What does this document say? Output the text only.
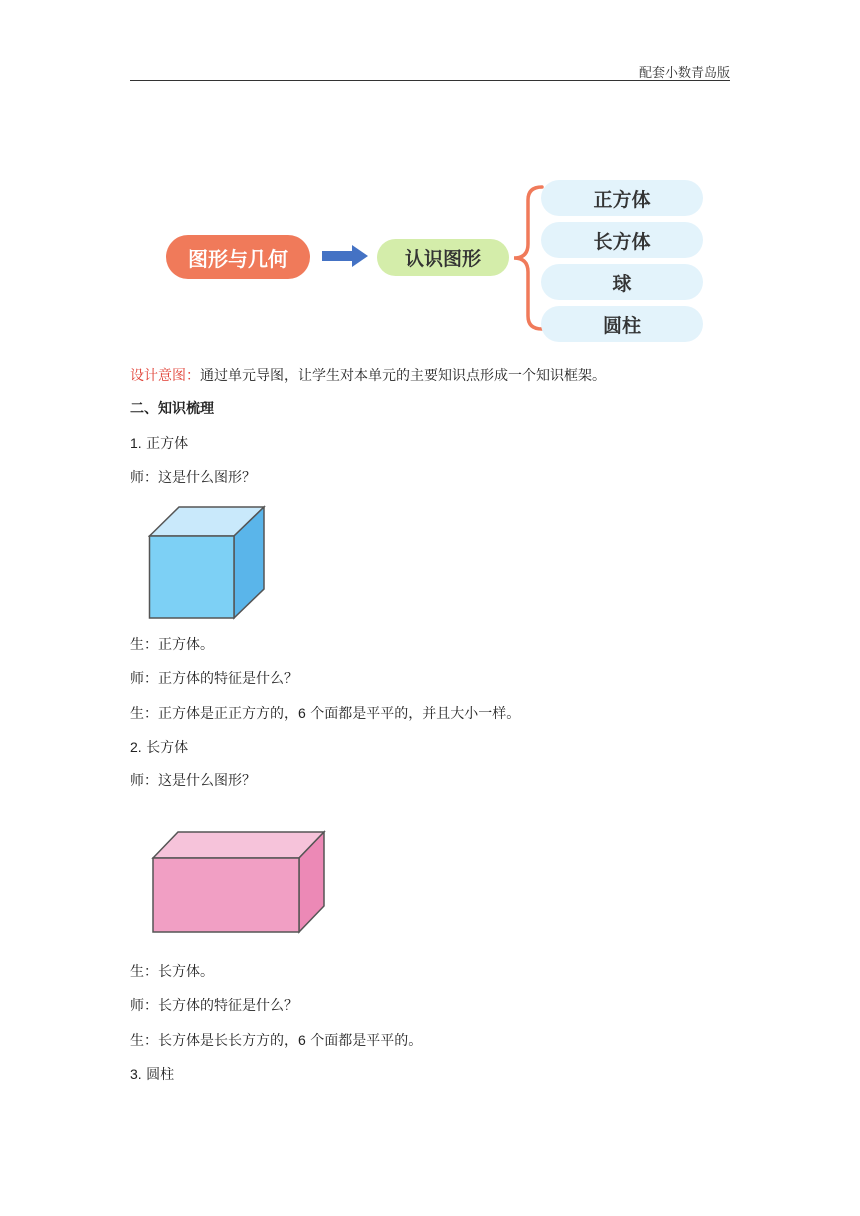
配套小数青岛版
图形与几何	认识图形
正方体
长方体
球
圆柱
设计意图：通过单元导图，让学生对本单元的主要知识点形成一个知识框架。
二、知识梳理
1. 正方体
师：这是什么图形？
生：正方体。
师：正方体的特征是什么？
生：正方体是正正方方的，6 个面都是平平的，并且大小一样。
2. 长方体
师：这是什么图形？
生：长方体。
师：长方体的特征是什么？
生：长方体是长长方方的，6 个面都是平平的。
3. 圆柱
